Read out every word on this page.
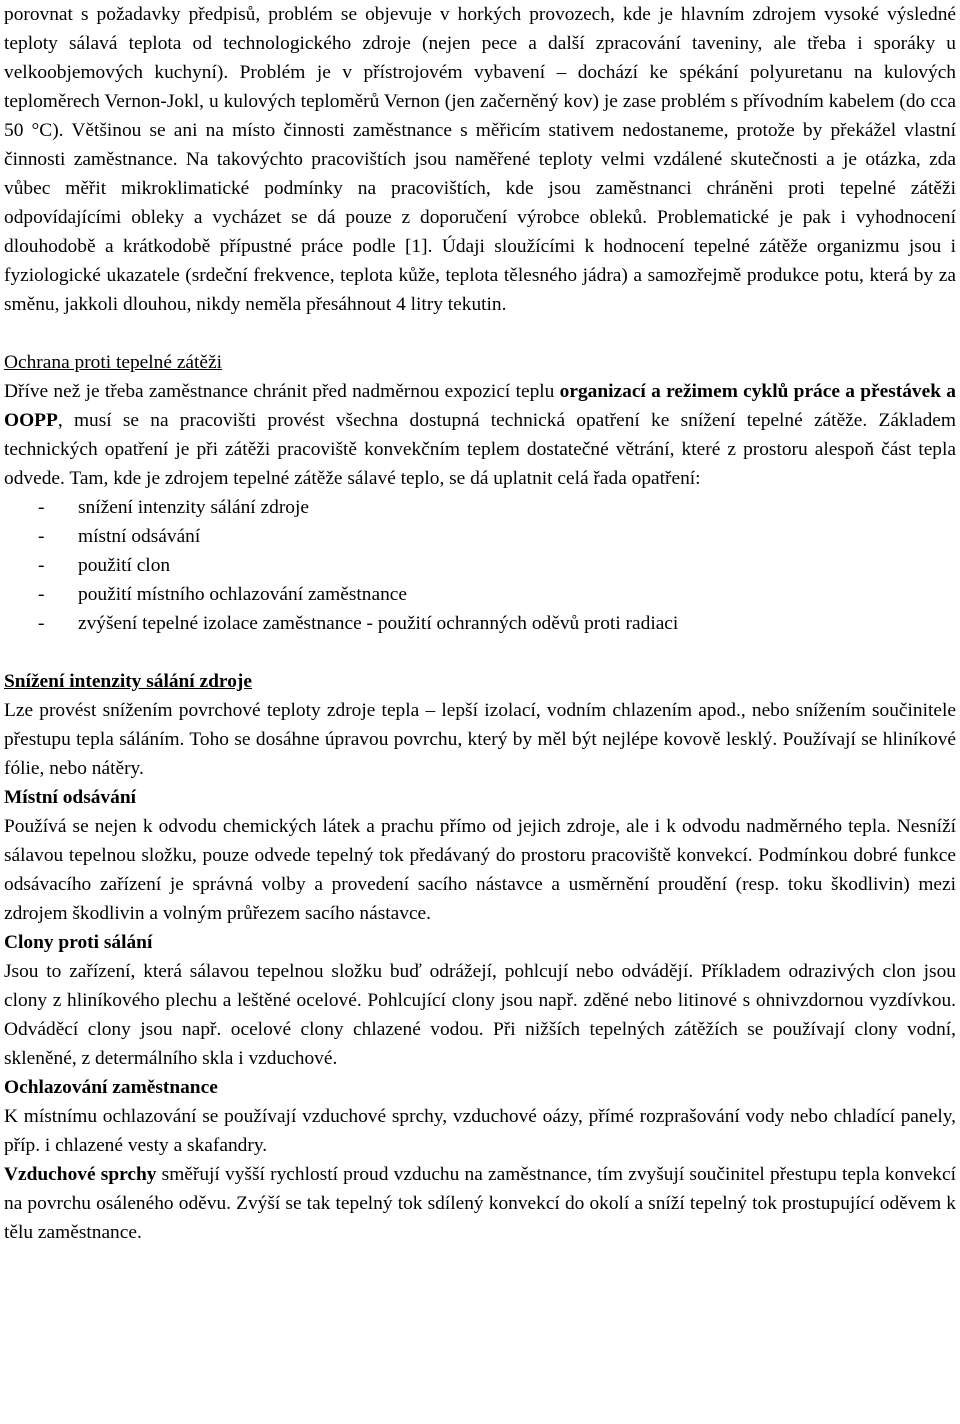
porovnat s požadavky předpisů, problém se objevuje v horkých provozech, kde je hlavním zdrojem vysoké výsledné teploty sálavá teplota od technologického zdroje (nejen pece a další zpracování taveniny, ale třeba i sporáky u velkoobjemových kuchyní). Problém je v přístrojovém vybavení – dochází ke spékání polyuretanu na kulových teploměrech Vernon-Jokl, u kulových teploměrů Vernon (jen začerněný kov) je zase problém s přívodním kabelem (do cca 50 °C). Většinou se ani na místo činnosti zaměstnance s měřicím stativem nedostaneme, protože by překážel vlastní činnosti zaměstnance. Na takovýchto pracovištích jsou naměřené teploty velmi vzdálené skutečnosti a je otázka, zda vůbec měřit mikroklimatické podmínky na pracovištích, kde jsou zaměstnanci chráněni proti tepelné zátěži odpovídajícími obleky a vycházet se dá pouze z doporučení výrobce obleků. Problematické je pak i vyhodnocení dlouhodobě a krátkodobě přípustné práce podle [1]. Údaji sloužícími k hodnocení tepelné zátěže organizmu jsou i fyziologické ukazatele (srdeční frekvence, teplota kůže, teplota tělesného jádra) a samozřejmě produkce potu, která by za směnu, jakkoli dlouhou, nikdy neměla přesáhnout 4 litry tekutin.

Ochrana proti tepelné zátěži

Dříve než je třeba zaměstnance chránit před nadměrnou expozicí teplu organizací a režimem cyklů práce a přestávek a OOPP, musí se na pracovišti provést všechna dostupná technická opatření ke snížení tepelné zátěže. Základem technických opatření je při zátěži pracoviště konvekčním teplem dostatečné větrání, které z prostoru alespoň část tepla odvede. Tam, kde je zdrojem tepelné zátěže sálavé teplo, se dá uplatnit celá řada opatření:

- snížení intenzity sálání zdroje
- místní odsávání
- použití clon
- použití místního ochlazování zaměstnance
- zvýšení tepelné izolace zaměstnance - použití ochranných oděvů proti radiaci

Snížení intenzity sálání zdroje

Lze provést snížením povrchové teploty zdroje tepla – lepší izolací, vodním chlazením apod., nebo snížením součinitele přestupu tepla sáláním. Toho se dosáhne úpravou povrchu, který by měl být nejlépe kovově lesklý. Používají se hliníkové fólie, nebo nátěry.

Místní odsávání

Používá se nejen k odvodu chemických látek a prachu přímo od jejich zdroje, ale i k odvodu nadměrného tepla. Nesníží sálavou tepelnou složku, pouze odvede tepelný tok předávaný do prostoru pracoviště konvekcí. Podmínkou dobré funkce odsávacího zařízení je správná volby a provedení sacího nástavce a usměrnění proudění (resp. toku škodlivin) mezi zdrojem škodlivin a volným průřezem sacího nástavce.

Clony proti sálání

Jsou to zařízení, která sálavou tepelnou složku buď odrážejí, pohlcují nebo odvádějí. Příkladem odrazivých clon jsou clony z hliníkového plechu a leštěné ocelové. Pohlcující clony jsou např. zděné nebo litinové s ohnivzdornou vyzdívkou. Odváděcí clony jsou např. ocelové clony chlazené vodou. Při nižších tepelných zátěžích se používají clony vodní, skleněné, z determálního skla i vzduchové.

Ochlazování zaměstnance

K místnímu ochlazování se používají vzduchové sprchy, vzduchové oázy, přímé rozprašování vody nebo chladící panely, příp. i chlazené vesty a skafandry.

Vzduchové sprchy směřují vyšší rychlostí proud vzduchu na zaměstnance, tím zvyšují součinitel přestupu tepla konvekcí na povrchu osáleného oděvu. Zvýší se tak tepelný tok sdílený konvekcí do okolí a sníží tepelný tok prostupující oděvem k tělu zaměstnance.
